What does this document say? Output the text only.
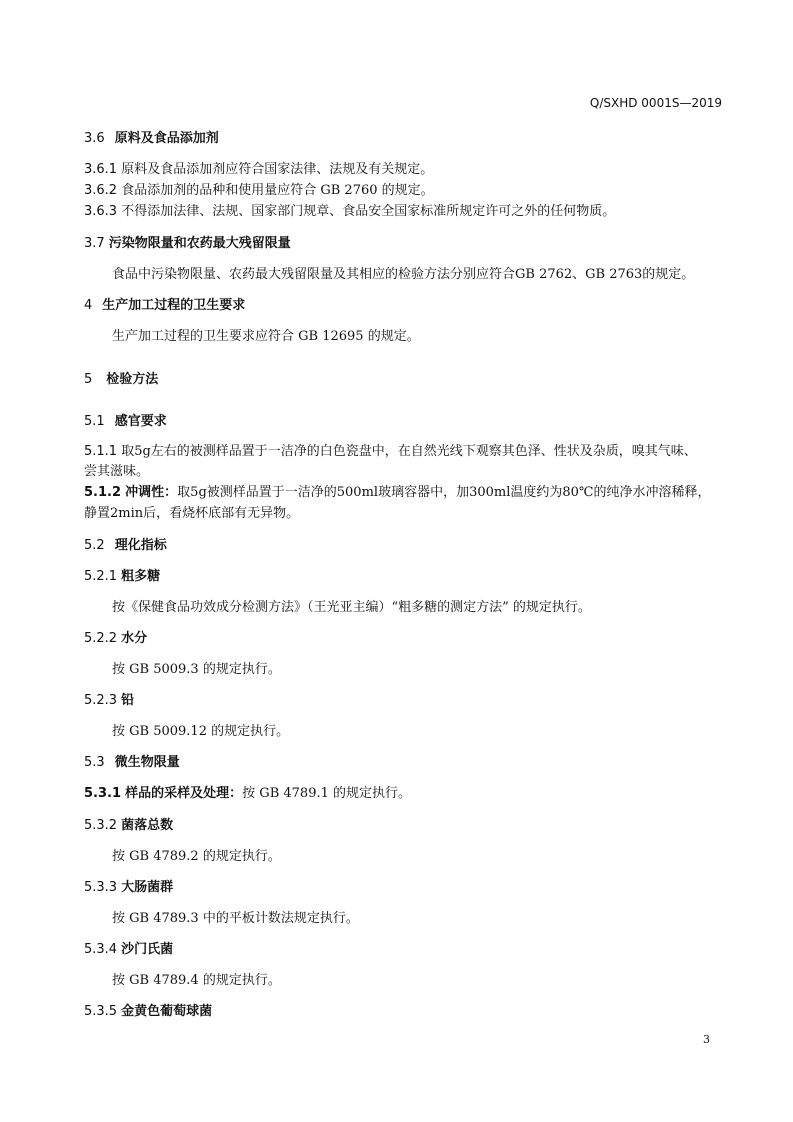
Q/SXHD 0001S—2019
3.6 原料及食品添加剂
3.6.1 原料及食品添加剂应符合国家法律、法规及有关规定。
3.6.2 食品添加剂的品种和使用量应符合 GB 2760 的规定。
3.6.3 不得添加法律、法规、国家部门规章、食品安全国家标准所规定许可之外的任何物质。
3.7 污染物限量和农药最大残留限量
食品中污染物限量、农药最大残留限量及其相应的检验方法分别应符合GB 2762、GB 2763的规定。
4 生产加工过程的卫生要求
生产加工过程的卫生要求应符合 GB 12695 的规定。
5 检验方法
5.1 感官要求
5.1.1 取5g左右的被测样品置于一洁净的白色瓷盘中，在自然光线下观察其色泽、性状及杂质，嗅其气味、
尝其滋味。
5.1.2 冲调性：取5g被测样品置于一洁净的500ml玻璃容器中，加300ml温度约为80℃的纯净水冲溶稀释，
静置2min后，看烧杯底部有无异物。
5.2 理化指标
5.2.1 粗多糖
按《保健食品功效成分检测方法》（王光亚主编）“粗多糖的测定方法” 的规定执行。
5.2.2 水分
按 GB 5009.3 的规定执行。
5.2.3 铅
按 GB 5009.12 的规定执行。
5.3 微生物限量
5.3.1 样品的采样及处理：按 GB 4789.1 的规定执行。
5.3.2 菌落总数
按 GB 4789.2 的规定执行。
5.3.3 大肠菌群
按 GB 4789.3 中的平板计数法规定执行。
5.3.4 沙门氏菌
按 GB 4789.4 的规定执行。
5.3.5 金黄色葡萄球菌
3
